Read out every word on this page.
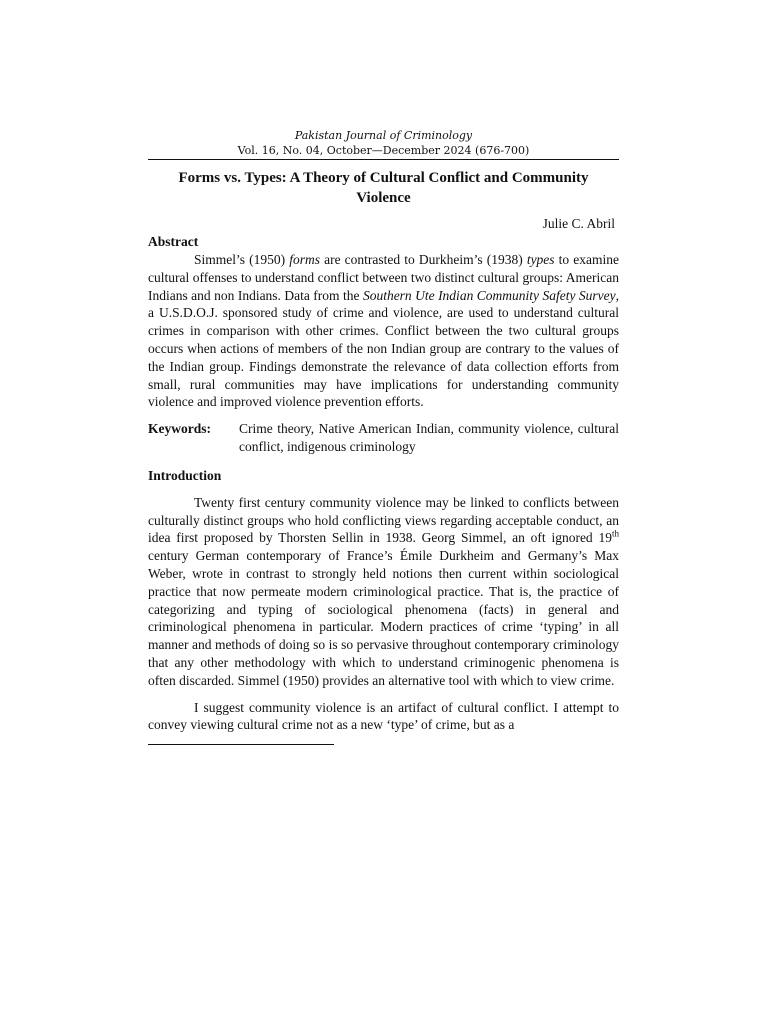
Pakistan Journal of Criminology
Vol. 16, No. 04, October—December 2024 (676-700)
Forms vs. Types: A Theory of Cultural Conflict and Community
Violence
Julie C. Abril
Abstract

Simmel’s (1950) forms are contrasted to Durkheim’s (1938) types to examine cultural offenses to understand conflict between two distinct cultural groups: American Indians and non Indians. Data from the Southern Ute Indian Community Safety Survey, a U.S.D.O.J. sponsored study of crime and violence, are used to understand cultural crimes in comparison with other crimes. Conflict between the two cultural groups occurs when actions of members of the non Indian group are contrary to the values of the Indian group. Findings demonstrate the relevance of data collection efforts from small, rural communities may have implications for understanding community violence and improved violence prevention efforts.

Keywords:	Crime theory, Native American Indian, community violence, cultural conflict, indigenous criminology
Introduction

Twenty first century community violence may be linked to conflicts between culturally distinct groups who hold conflicting views regarding acceptable conduct, an idea first proposed by Thorsten Sellin in 1938. Georg Simmel, an oft ignored 19th century German contemporary of France’s Émile Durkheim and Germany’s Max Weber, wrote in contrast to strongly held notions then current within sociological practice that now permeate modern criminological practice. That is, the practice of categorizing and typing of sociological phenomena (facts) in general and criminological phenomena in particular. Modern practices of crime ‘typing’ in all manner and methods of doing so is so pervasive throughout contemporary criminology that any other methodology with which to understand criminogenic phenomena is often discarded. Simmel (1950) provides an alternative tool with which to view crime.

I suggest community violence is an artifact of cultural conflict. I attempt to convey viewing cultural crime not as a new ‘type’ of crime, but as a
